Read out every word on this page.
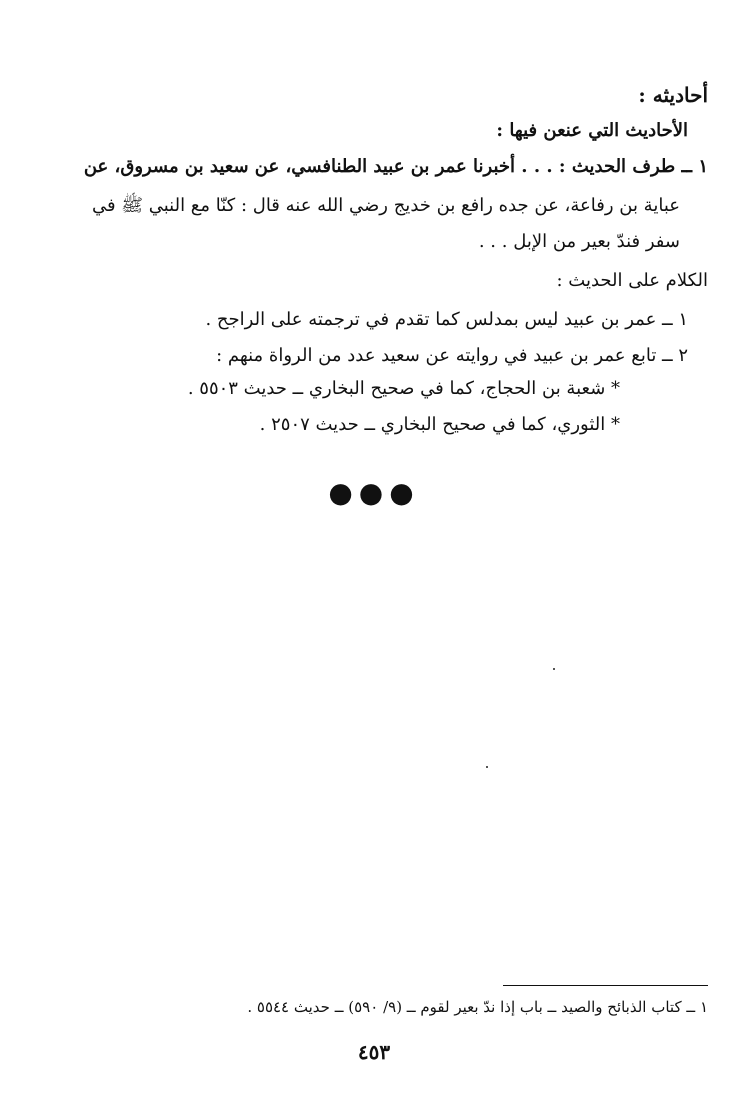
أحاديثه :
الأحاديث التي عنعن فيها :
١ ــ طرف الحديث : . . . أخبرنا عمر بن عبيد الطنافسي، عن سعيد بن مسروق، عن
عباية بن رفاعة، عن جده رافع بن خديج رضي الله عنه قال : كنّا مع النبي ﷺ في
سفر فندّ بعير من الإبل . . .
الكلام على الحديث :
١ ــ عمر بن عبيد ليس بمدلس كما تقدم في ترجمته على الراجح .
٢ ــ تابع عمر بن عبيد في روايته عن سعيد عدد من الرواة منهم :
* شعبة بن الحجاج، كما في صحيح البخاري ــ حديث ٥٥٠٣ .
* الثوري، كما في صحيح البخاري ــ حديث ٢٥٠٧ .
●●●
١ ــ كتاب الذبائح والصيد ــ باب إذا ندّ بعير لقوم ــ (٩/ ٥٩٠) ــ حديث ٥٥٤٤ .
٤٥٣
